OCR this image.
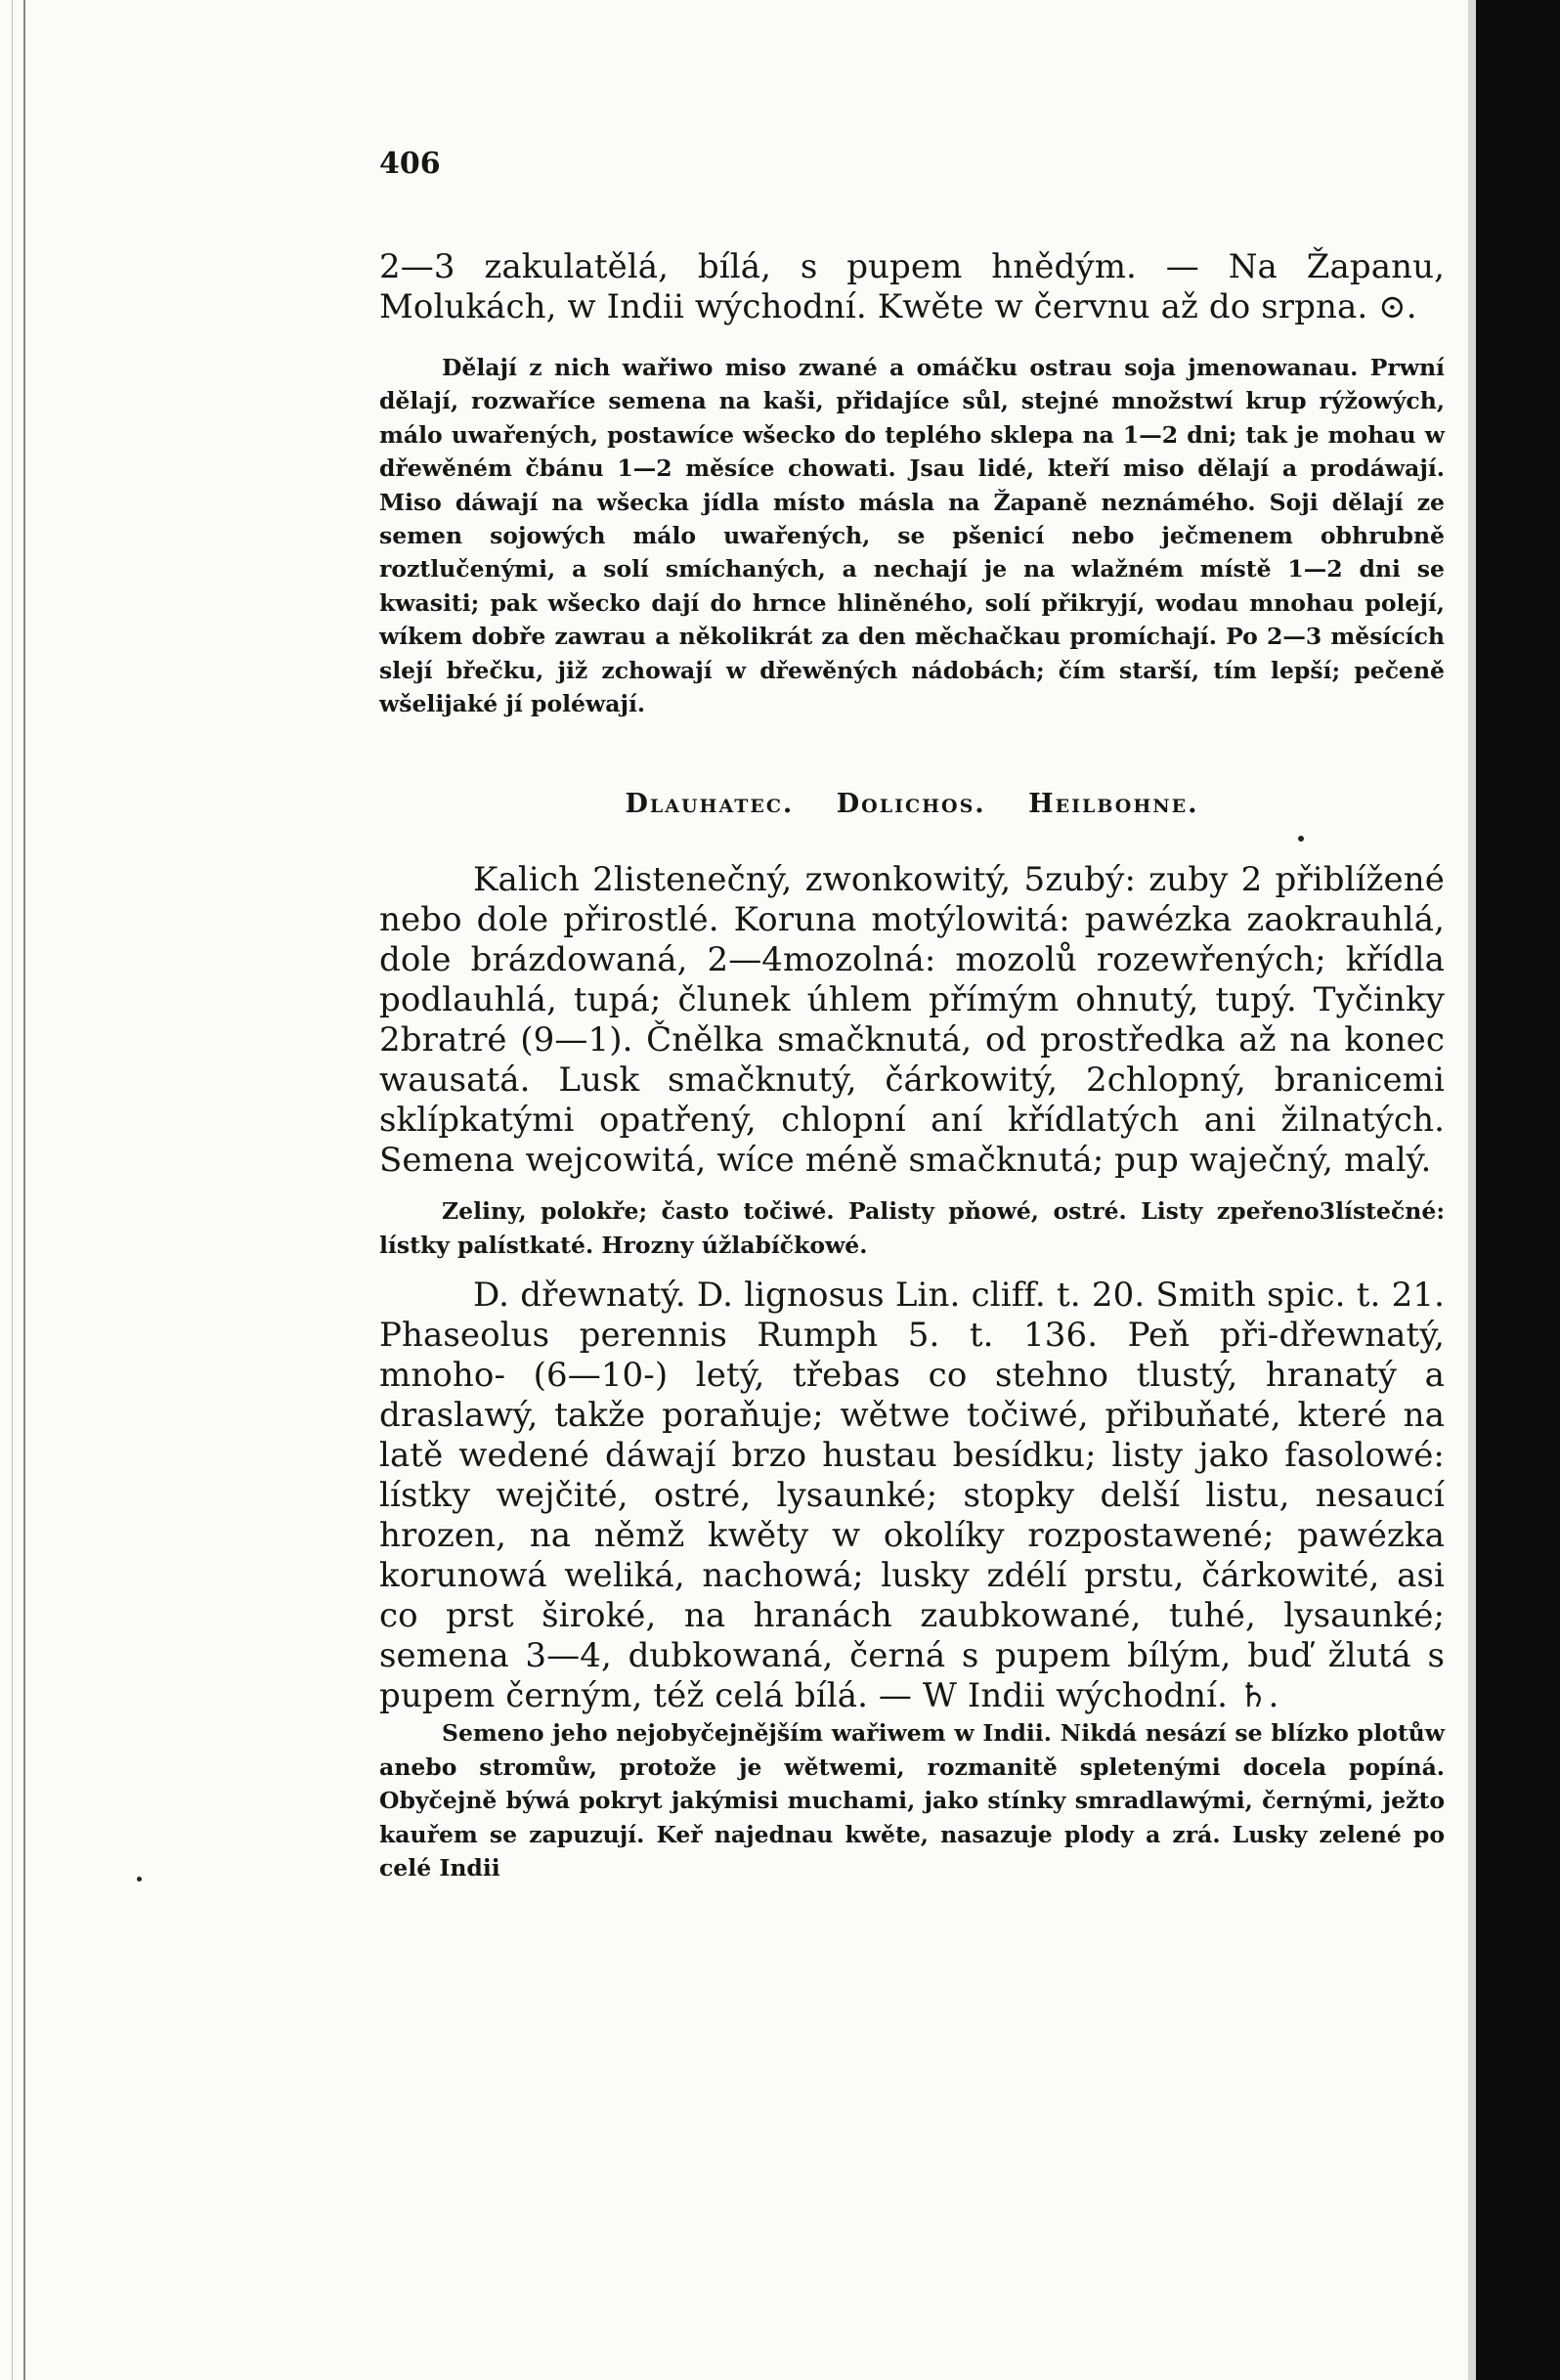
406

2—3 zakulatělá, bílá, s pupem hnědým. — Na Žapanu, Molukách, w Indii wýchodní. Kwěte w červnu až do srpna. ⊙.

Dělají z nich wařiwo miso zwané a omáčku ostrau soja jmenowanau. Prwní dělají, rozwaříce semena na kaši, přidajíce sůl, stejné množstwí krup rýžowých, málo uwařených, postawíce wšecko do teplého sklepa na 1—2 dni; tak je mohau w dřewěném čbánu 1—2 měsíce chowati. Jsau lidé, kteří miso dělají a prodáwají. Miso dáwají na wšecka jídla místo másla na Žapaně neznámého. Soji dělají ze semen sojowých málo uwařených, se pšenicí nebo ječmenem obhrubně roztlučenými, a solí smíchaných, a nechají je na wlažném místě 1—2 dni se kwasiti; pak wšecko dají do hrnce hliněného, solí přikryjí, wodau mnohau polejí, wíkem dobře zawrau a několikrát za den měchačkau promíchají. Po 2—3 měsících slejí břečku, již zchowají w dřewěných nádobách; čím starší, tím lepší; pečeně wšelijaké jí poléwají.

Dlauhatec. Dolichos. Heilbohne.

Kalich 2listenečný, zwonkowitý, 5zubý: zuby 2 přiblížené nebo dole přirostlé. Koruna motýlowitá: pawézka zaokrauhlá, dole brázdowaná, 2—4mozolná: mozolů rozewřených; křídla podlauhlá, tupá; člunek úhlem přímým ohnutý, tupý. Tyčinky 2bratré (9—1). Čnělka smačknutá, od prostředka až na konec wausatá. Lusk smačknutý, čárkowitý, 2chlopný, branicemi sklípkatými opatřený, chlopní aní křídlatých ani žilnatých. Semena wejcowitá, wíce méně smačknutá; pup waječný, malý.

Zeliny, polokře; často točiwé. Palisty pňowé, ostré. Listy zpeřeno3lístečné: lístky palístkaté. Hrozny úžlabíčkowé.

D. dřewnatý. D. lignosus Lin. cliff. t. 20. Smith spic. t. 21. Phaseolus perennis Rumph 5. t. 136. Peň při-dřewnatý, mnoho- (6—10-) letý, třebas co stehno tlustý, hranatý a draslawý, takže poraňuje; wětwe točiwé, přibuňaté, které na latě wedené dáwají brzo hustau besídku; listy jako fasolowé: lístky wejčité, ostré, lysaunké; stopky delší listu, nesaucí hrozen, na němž kwěty w okolíky rozpostawené; pawézka korunowá weliká, nachowá; lusky zdélí prstu, čárkowité, asi co prst široké, na hranách zaubkowané, tuhé, lysaunké; semena 3—4, dubkowaná, černá s pupem bílým, buď žlutá s pupem černým, též celá bílá. — W Indii wýchodní. ♄.

Semeno jeho nejobyčejnějším wařiwem w Indii. Nikdá nesází se blízko plotůw anebo stromůw, protože je wětwemi, rozmanitě spletenými docela popíná. Obyčejně býwá pokryt jakýmisi muchami, jako stínky smradlawými, černými, ježto kauřem se zapuzují. Keř najednau kwěte, nasazuje plody a zrá. Lusky zelené po celé Indii
